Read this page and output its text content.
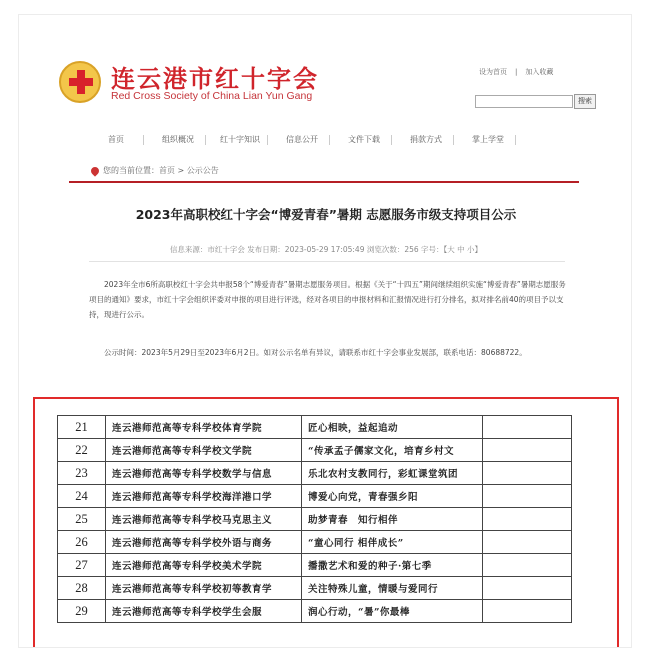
连云港市红十字会
Red Cross Society of China Lian Yun Gang
设为首页 | 加入收藏
搜索
首页	组织概况	红十字知识	信息公开	文件下载	捐款方式	掌上学堂
您的当前位置：首页 > 公示公告
2023年高职校红十字会“博爱青春”暑期 志愿服务市级支持项目公示
信息来源：市红十字会 发布日期：2023-05-29 17:05:49 浏览次数：256 字号：【大 中 小】
2023年全市6所高职校红十字会共申报58个“博爱青春”暑期志愿服务项目。根据《关于“十四五”期间继续组织实施“博爱青春”暑期志愿服务项目的通知》要求，市红十字会组织评委对申报的项目进行评选，经对各项目的申报材料和汇报情况进行打分排名，拟对排名前40的项目予以支持，现进行公示。
公示时间：2023年5月29日至2023年6月2日。如对公示名单有异议，请联系市红十字会事业发展部，联系电话：80688722。
21	连云港师范高等专科学校体育学院	匠心相映，益起追动	
22	连云港师范高等专科学校文学院	“传承孟子儒家文化，培育乡村文	
23	连云港师范高等专科学校数学与信息	乐北农村支教同行，彩虹课堂筑团	
24	连云港师范高等专科学校海洋港口学	博爱心向党，青春强乡阳	
25	连云港师范高等专科学校马克思主义	助梦青春　知行相伴	
26	连云港师范高等专科学校外语与商务	“童心同行 相伴成长”	
27	连云港师范高等专科学校美术学院	播撒艺术和爱的种子·第七季	
28	连云港师范高等专科学校初等教育学	关注特殊儿童，情暖与爱同行	
29	连云港师范高等专科学校学生会服	润心行动，“暑”你最棒	
